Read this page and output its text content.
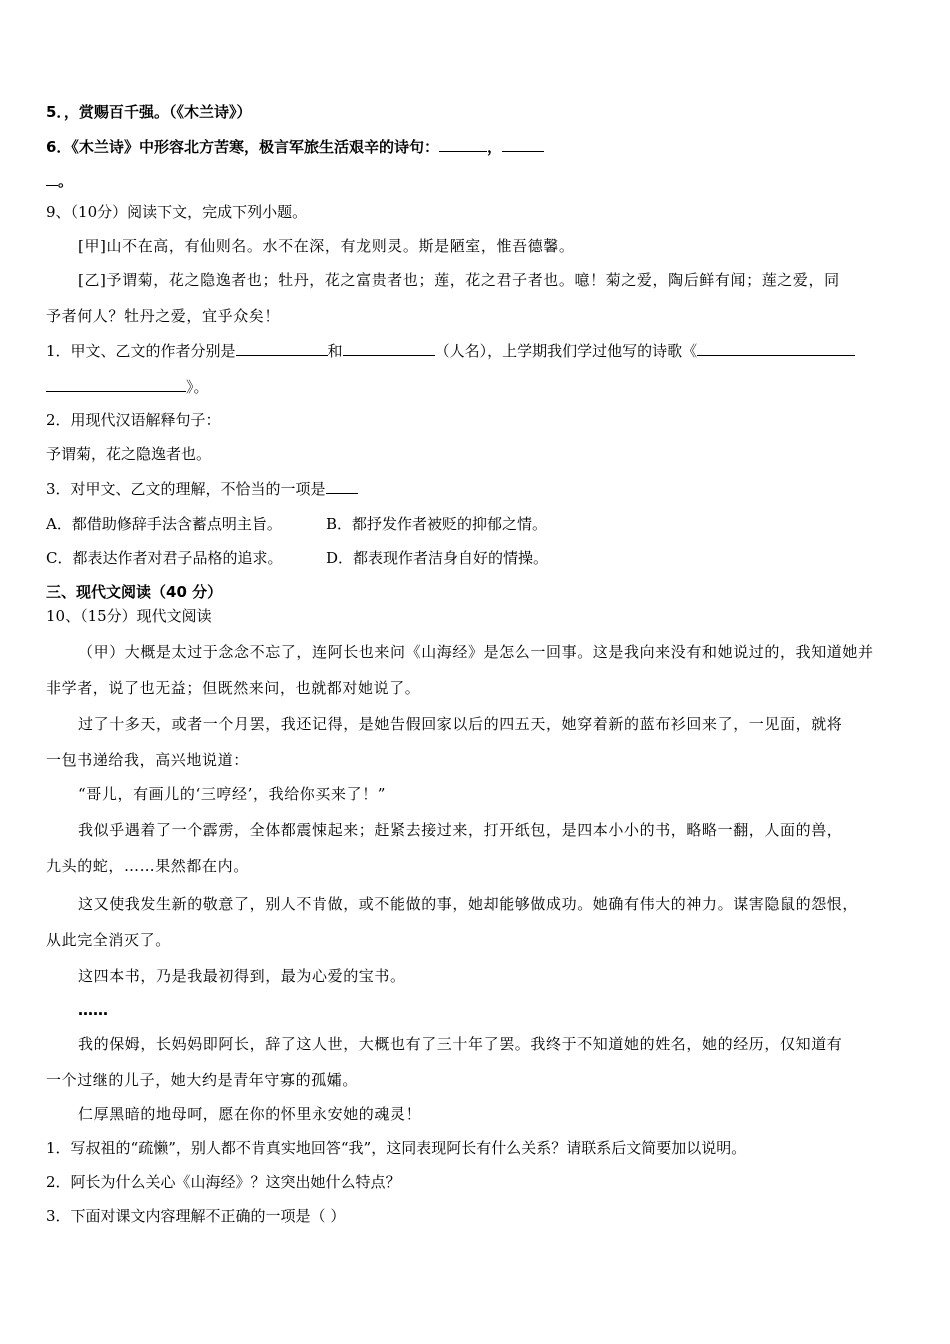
5．，赏赐百千强。（《木兰诗》）
6．《木兰诗》中形容北方苦寒，极言军旅生活艰辛的诗句：	，
。
9、（10分）阅读下文，完成下列小题。
[甲]山不在高，有仙则名。水不在深，有龙则灵。斯是陋室，惟吾德馨。
[乙]予谓菊，花之隐逸者也；牡丹，花之富贵者也；莲，花之君子者也。噫！菊之爱，陶后鲜有闻；莲之爱，同
予者何人？牡丹之爱，宜乎众矣！
1．甲文、乙文的作者分别是	和	（人名），上学期我们学过他写的诗歌《
》。
2．用现代汉语解释句子：
予谓菊，花之隐逸者也。
3．对甲文、乙文的理解，不恰当的一项是
A．都借助修辞手法含蓄点明主旨。	B．都抒发作者被贬的抑郁之情。
C．都表达作者对君子品格的追求。	D．都表现作者洁身自好的情操。
三、现代文阅读（40 分）
10、（15分）现代文阅读
（甲）大概是太过于念念不忘了，连阿长也来问《山海经》是怎么一回事。这是我向来没有和她说过的，我知道她并
非学者，说了也无益；但既然来问，也就都对她说了。
过了十多天，或者一个月罢，我还记得，是她告假回家以后的四五天，她穿着新的蓝布衫回来了，一见面，就将
一包书递给我，高兴地说道：
“哥儿，有画儿的‘三哼经’，我给你买来了！”
我似乎遇着了一个霹雳，全体都震悚起来；赶紧去接过来，打开纸包，是四本小小的书，略略一翻，人面的兽，
九头的蛇，……果然都在内。
这又使我发生新的敬意了，别人不肯做，或不能做的事，她却能够做成功。她确有伟大的神力。谋害隐鼠的怨恨，
从此完全消灭了。
这四本书，乃是我最初得到，最为心爱的宝书。
……
我的保姆，长妈妈即阿长，辞了这人世，大概也有了三十年了罢。我终于不知道她的姓名，她的经历，仅知道有
一个过继的儿子，她大约是青年守寡的孤孀。
仁厚黑暗的地母呵，愿在你的怀里永安她的魂灵！
1．写叔祖的“疏懒”，别人都不肯真实地回答“我”，这同表现阿长有什么关系？请联系后文简要加以说明。
2．阿长为什么关心《山海经》？这突出她什么特点？
3．下面对课文内容理解不正确的一项是（ ）
